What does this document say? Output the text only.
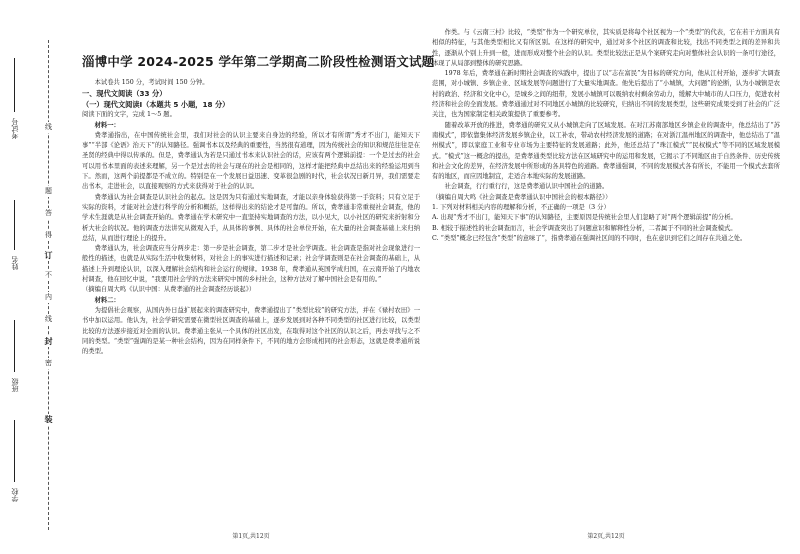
学校
班级
姓名
考试号	线
题
答
得
订
不
内
线
封
密
装
淄博中学 2024-2025 学年第二学期高二阶段性检测语文试题

本试卷共 150 分，考试时间 150 分钟。

一、现代文阅读（33 分）

（一）现代文阅读Ⅰ（本题共 5 小题，18 分）

阅读下面的文字，完成 1～5 题。

材料一：

费孝通指出，在中国传统社会里，我们对社会的认识主要来自身边的经验，所以才有所谓“秀才不出门，能知天下事”“半部《论语》治天下”的认知路径。强调书本以及经典的重要性，当然很有道理，因为传统社会的知识和规范往往是在圣贤的经典中得以传承的。但是，费孝通认为若是只通过书本来认识社会的话，应该有两个逻辑前提：一个是过去的社会可以用书本里面的表述来理解，另一个是过去的社会与现在的社会是相同的，这样才能把经典中总结出来的经验运用到当下。然而，这两个前提都是不成立的。特别是在一个发展日益迅速、变革很急剧的时代，社会状况日新月异，我们需要走出书本，走进社会，以直接观察的方式来获得对于社会的认识。

费孝通认为社会调查是认识社会的起点。这是因为只有通过实地调查，才能以亲身体验获得第一手资料；只有立足于实际的资料，才能对社会进行科学的分析和概括，这样得出来的结论才是可靠的。所以，费孝通非常重视社会调查，他的学术生涯就是从社会调查开始的。费孝通在学术研究中一直坚持实地调查的方法，以小见大，以小社区的研究来折射和分析大社会的状况。他的调查方法讲究从微观入手，从具体的事例、具体的社会单位开始，在大量的社会调查基础上来归纳总结，从而进行理论上的提升。

费孝通认为，社会调查应当分两步走：第一步是社会调查，第二步才是社会学调查。社会调查是指对社会现象进行一般性的描述，也就是从实际生活中收集材料，对社会上的事实进行描述和记录；社会学调查则是在社会调查的基础上，从描述上升到理论认识，以深入理解社会结构和社会运行的规律。1938 年，费孝通从英国学成归国，在云南开始了内地农村调查，他在回忆中说，“我要用社会学的方法来研究中国的乡村社会，这种方法对了解中国社会是有用的。”

（摘编自周大鸣《认识中国：从费孝通的社会调查经历谈起》）

材料二：

为提倡社会观察，从国内外日益扩展起来的调查研究中，费孝通提出了“类型比较”的研究方法，并在《禄村农田》一书中加以运用。他认为，社会学研究需要在微型社区调查的基础上，逐步发展到对各种不同类型的社区进行比较，以类型比较的方法逐步接近对全面的认识。费孝通主张从一个具体的社区出发，在取得对这个社区的认识之后，再去寻找与之不同的类型。“类型”强调的是某一种社会结构，因为在同样条件下，不同的地方会形成相同的社会形态，这就是费孝通所说的类型。

第1页,共12页

作类。与《云南三村》比较，“类型”作为一个研究单位，其实质是将每个社区视为一个“类型”的代表，它在若干方面具有相似的特征，与其他类型相比又有所区别。在这样的研究中，通过对多个社区的调查和比较，找出不同类型之间的差异和共性，逐渐从个别上升到一般，进而形成对整个社会的认识。类型比较法正是从个案研究走向对整体社会认识的一条可行途径，体现了从局部到整体的研究思路。

1978 年后，费孝通在新时期社会调查的实践中，提出了以“志在富民”为目标的研究方向，他从江村开始，逐步扩大调查范围，对小城镇、乡镇企业、区域发展等问题进行了大量实地调查。他先后提出了“小城镇，大问题”的论断，认为小城镇是农村的政治、经济和文化中心，是城乡之间的纽带，发展小城镇可以吸纳农村剩余劳动力，缓解大中城市的人口压力，促进农村经济和社会的全面发展。费孝通通过对不同地区小城镇的比较研究，归纳出不同的发展类型，这些研究成果受到了社会的广泛关注，也为国家制定相关政策提供了重要参考。

随着改革开放的推进，费孝通的研究又从小城镇走向了区域发展。在对江苏南部地区乡镇企业的调查中，他总结出了“苏南模式”，即依靠集体经济发展乡镇企业，以工补农，带动农村经济发展的道路；在对浙江温州地区的调查中，他总结出了“温州模式”，即以家庭工业和专业市场为主要特征的发展道路；此外，他还总结了“珠江模式”“民权模式”等不同的区域发展模式。“模式”这一概念的提出，是费孝通类型比较方法在区域研究中的运用和发展，它揭示了不同地区由于自然条件、历史传统和社会文化的差异，在经济发展中所形成的各具特色的道路。费孝通强调，不同的发展模式各有所长，不能用一个模式去套所有的地区，而应因地制宜，走适合本地实际的发展道路。

社会调查，行行重行行，这是费孝通认识中国社会的道路。

（摘编自周大鸣《社会调查是费孝通认识中国社会的根本路径》）

1. 下列对材料相关内容的理解和分析，不正确的一项是（3 分）

A. 出现“秀才不出门，能知天下事”的认知路径，主要原因是传统社会里人们忽略了对“两个逻辑前提”的分析。

B. 相较于描述性的社会调查而言，社会学调查突出了问题意识和解释性分析，二者属于不同的社会调查模式。

C. “类型”概念已经包含“类型”的意味了”，指费孝通在强调社区间的不同时，也在意识到它们之间存在共通之处。

第2页,共12页
